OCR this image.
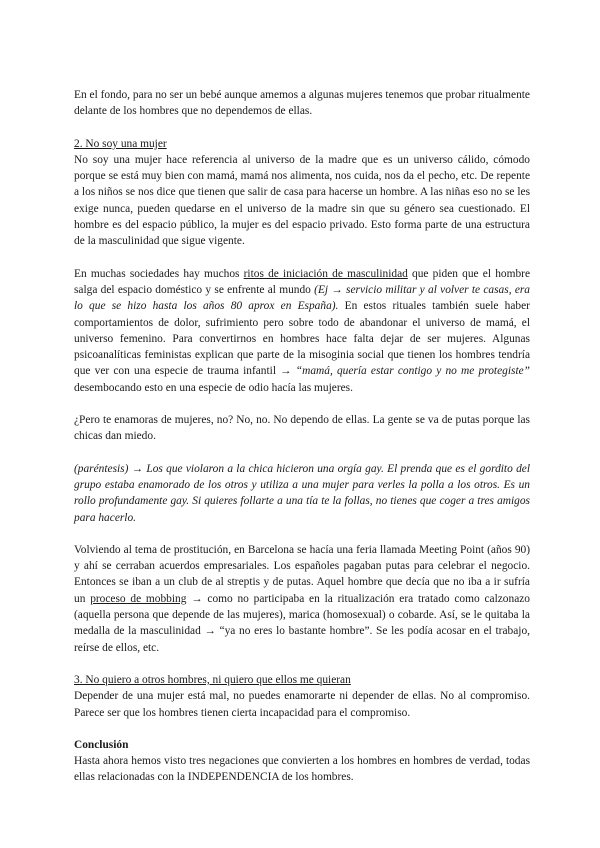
En el fondo, para no ser un bebé aunque amemos a algunas mujeres tenemos que probar ritualmente delante de los hombres que no dependemos de ellas.

2. No soy una mujer

No soy una mujer hace referencia al universo de la madre que es un universo cálido, cómodo porque se está muy bien con mamá, mamá nos alimenta, nos cuida, nos da el pecho, etc. De repente a los niños se nos dice que tienen que salir de casa para hacerse un hombre. A las niñas eso no se les exige nunca, pueden quedarse en el universo de la madre sin que su género sea cuestionado. El hombre es del espacio público, la mujer es del espacio privado. Esto forma parte de una estructura de la masculinidad que sigue vigente.

En muchas sociedades hay muchos ritos de iniciación de masculinidad que piden que el hombre salga del espacio doméstico y se enfrente al mundo (Ej → servicio militar y al volver te casas, era lo que se hizo hasta los años 80 aprox en España). En estos rituales también suele haber comportamientos de dolor, sufrimiento pero sobre todo de abandonar el universo de mamá, el universo femenino. Para convertirnos en hombres hace falta dejar de ser mujeres. Algunas psicoanalíticas feministas explican que parte de la misoginia social que tienen los hombres tendría que ver con una especie de trauma infantil → “mamá, quería estar contigo y no me protegiste” desembocando esto en una especie de odio hacía las mujeres.

¿Pero te enamoras de mujeres, no? No, no. No dependo de ellas. La gente se va de putas porque las chicas dan miedo.

(paréntesis) → Los que violaron a la chica hicieron una orgía gay. El prenda que es el gordito del grupo estaba enamorado de los otros y utiliza a una mujer para verles la polla a los otros. Es un rollo profundamente gay. Si quieres follarte a una tía te la follas, no tienes que coger a tres amigos para hacerlo.

Volviendo al tema de prostitución, en Barcelona se hacía una feria llamada Meeting Point (años 90) y ahí se cerraban acuerdos empresariales. Los españoles pagaban putas para celebrar el negocio. Entonces se iban a un club de al streptis y de putas. Aquel hombre que decía que no iba a ir sufría un proceso de mobbing → como no participaba en la ritualización era tratado como calzonazo (aquella persona que depende de las mujeres), marica (homosexual) o cobarde. Así, se le quitaba la medalla de la masculinidad → “ya no eres lo bastante hombre”. Se les podía acosar en el trabajo, reírse de ellos, etc.

3. No quiero a otros hombres, ni quiero que ellos me quieran

Depender de una mujer está mal, no puedes enamorarte ni depender de ellas. No al compromiso. Parece ser que los hombres tienen cierta incapacidad para el compromiso.

Conclusión

Hasta ahora hemos visto tres negaciones que convierten a los hombres en hombres de verdad, todas ellas relacionadas con la INDEPENDENCIA de los hombres.
